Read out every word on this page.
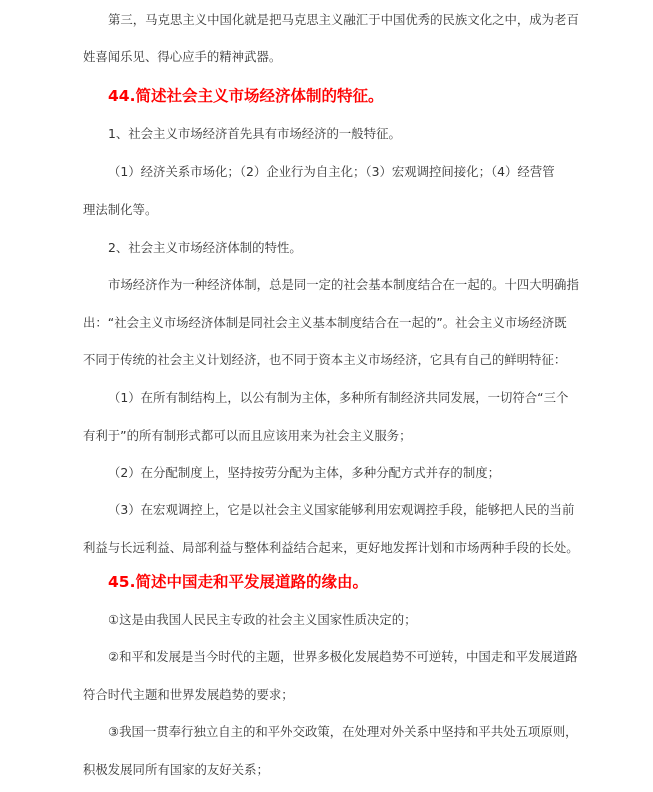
第三，马克思主义中国化就是把马克思主义融汇于中国优秀的民族文化之中，成为老百
姓喜闻乐见、得心应手的精神武器。
44.简述社会主义市场经济体制的特征。
1、社会主义市场经济首先具有市场经济的一般特征。
（1）经济关系市场化；（2）企业行为自主化；（3）宏观调控间接化；（4）经营管
理法制化等。
2、社会主义市场经济体制的特性。
市场经济作为一种经济体制，总是同一定的社会基本制度结合在一起的。十四大明确指
出：“社会主义市场经济体制是同社会主义基本制度结合在一起的”。社会主义市场经济既
不同于传统的社会主义计划经济，也不同于资本主义市场经济，它具有自己的鲜明特征：
（1）在所有制结构上，以公有制为主体，多种所有制经济共同发展，一切符合“三个
有利于”的所有制形式都可以而且应该用来为社会主义服务；
（2）在分配制度上，坚持按劳分配为主体，多种分配方式并存的制度；
（3）在宏观调控上，它是以社会主义国家能够利用宏观调控手段，能够把人民的当前
利益与长远利益、局部利益与整体利益结合起来，更好地发挥计划和市场两种手段的长处。
45.简述中国走和平发展道路的缘由。
①这是由我国人民民主专政的社会主义国家性质决定的；
②和平和发展是当今时代的主题，世界多极化发展趋势不可逆转，中国走和平发展道路
符合时代主题和世界发展趋势的要求；
③我国一贯奉行独立自主的和平外交政策，在处理对外关系中坚持和平共处五项原则，
积极发展同所有国家的友好关系；
